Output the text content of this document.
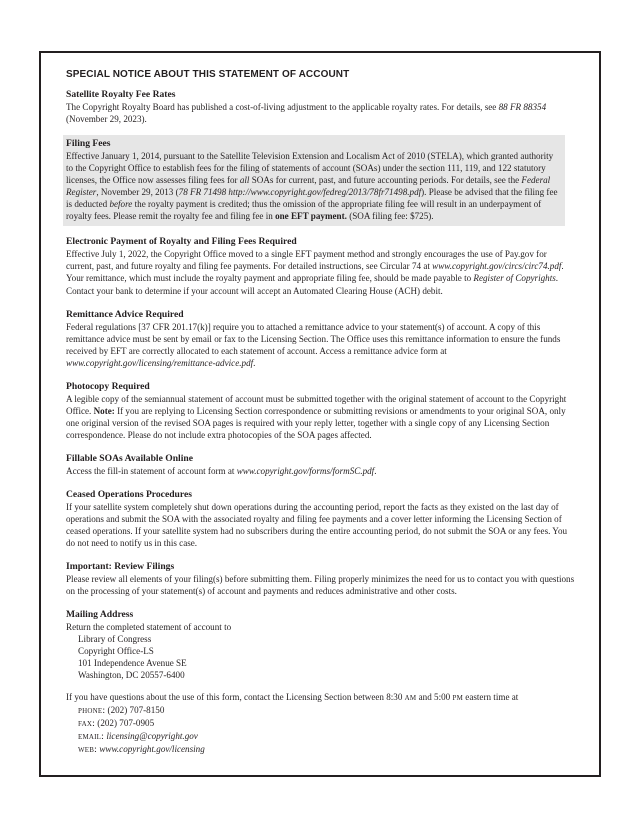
SPECIAL NOTICE ABOUT THIS STATEMENT OF ACCOUNT
Satellite Royalty Fee Rates

The Copyright Royalty Board has published a cost-of-living adjustment to the applicable royalty rates. For details, see 88 FR 88354 (November 29, 2023).

Filing Fees

Effective January 1, 2014, pursuant to the Satellite Television Extension and Localism Act of 2010 (STELA), which granted authority to the Copyright Office to establish fees for the filing of statements of account (SOAs) under the section 111, 119, and 122 statutory licenses, the Office now assesses filing fees for all SOAs for current, past, and future accounting periods. For details, see the Federal Register, November 29, 2013 (78 FR 71498 http://www.copyright.gov/fedreg/2013/78fr71498.pdf). Please be advised that the filing fee is deducted before the royalty payment is credited; thus the omission of the appropriate filing fee will result in an underpayment of royalty fees. Please remit the royalty fee and filing fee in one EFT payment. (SOA filing fee: $725).

Electronic Payment of Royalty and Filing Fees Required

Effective July 1, 2022, the Copyright Office moved to a single EFT payment method and strongly encourages the use of Pay.gov for current, past, and future royalty and filing fee payments. For detailed instructions, see Circular 74 at www.copyright.gov/circs/circ74.pdf. Your remittance, which must include the royalty payment and appropriate filing fee, should be made payable to Register of Copyrights. Contact your bank to determine if your account will accept an Automated Clearing House (ACH) debit.

Remittance Advice Required

Federal regulations [37 CFR 201.17(k)] require you to attached a remittance advice to your statement(s) of account. A copy of this remittance advice must be sent by email or fax to the Licensing Section. The Office uses this remittance information to ensure the funds received by EFT are correctly allocated to each statement of account. Access a remittance advice form at www.copyright.gov/licensing/remittance-advice.pdf.

Photocopy Required

A legible copy of the semiannual statement of account must be submitted together with the original statement of account to the Copyright Office. Note: If you are replying to Licensing Section correspondence or submitting revisions or amendments to your original SOA, only one original version of the revised SOA pages is required with your reply letter, together with a single copy of any Licensing Section correspondence. Please do not include extra photocopies of the SOA pages affected.

Fillable SOAs Available Online

Access the fill-in statement of account form at www.copyright.gov/forms/formSC.pdf.

Ceased Operations Procedures

If your satellite system completely shut down operations during the accounting period, report the facts as they existed on the last day of operations and submit the SOA with the associated royalty and filing fee payments and a cover letter informing the Licensing Section of ceased operations. If your satellite system had no subscribers during the entire accounting period, do not submit the SOA or any fees. You do not need to notify us in this case.

Important: Review Filings

Please review all elements of your filing(s) before submitting them. Filing properly minimizes the need for us to contact you with questions on the processing of your statement(s) of account and payments and reduces administrative and other costs.

Mailing Address

Return the completed statement of account to

Library of Congress

Copyright Office-LS

101 Independence Avenue SE

Washington, DC 20557-6400

If you have questions about the use of this form, contact the Licensing Section between 8:30 am and 5:00 pm eastern time at

phone: (202) 707-8150

fax: (202) 707-0905

email: licensing@copyright.gov

web: www.copyright.gov/licensing
